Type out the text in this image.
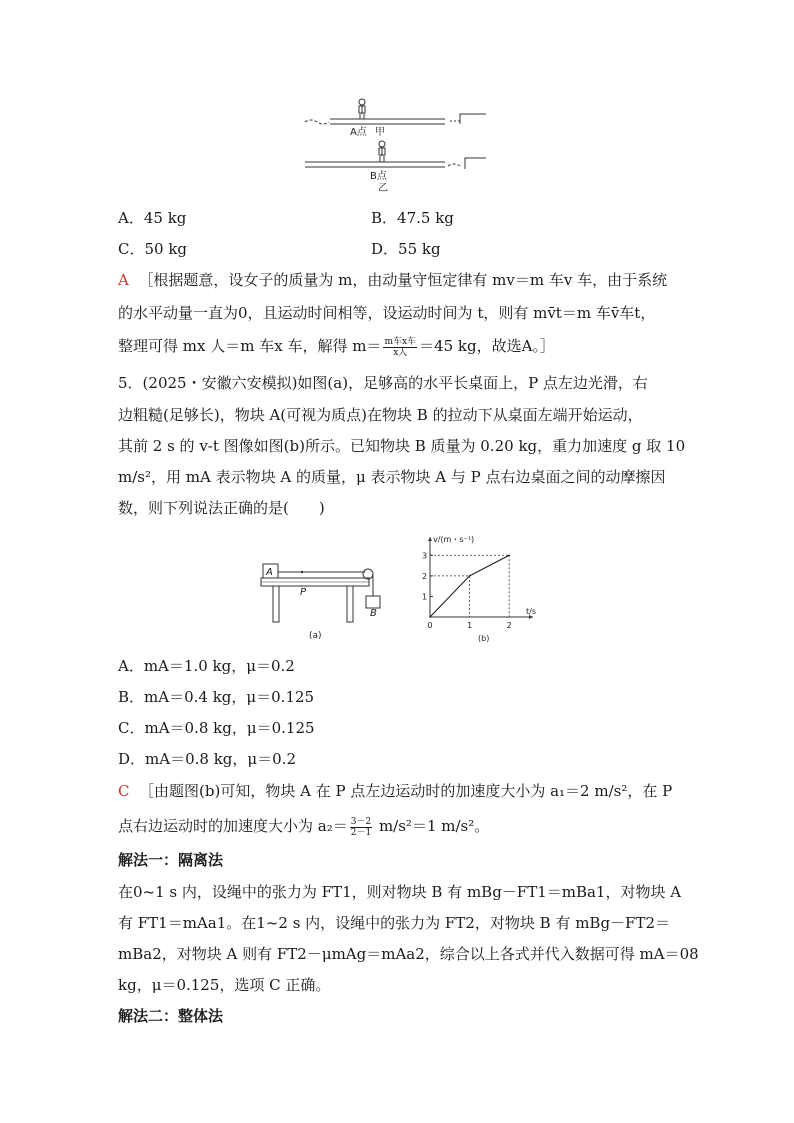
A点 甲
B点
乙
A．45 kg	B．47.5 kg
C．50 kg	D．55 kg
A ［根据题意，设女子的质量为 m，由动量守恒定律有 mv＝m 车v 车，由于系统
的水平动量一直为0，且运动时间相等，设运动时间为 t，则有 mv̄t＝m 车v̄车t，
整理可得 mx 人＝m 车x 车，解得 $m= \frac{\text{m车x车}}{\text{x人}} =45$ kg，故选A。］
5．(2025・安徽六安模拟)如图(a)，足够高的水平长桌面上，P 点左边光滑，右
边粗糙(足够长)，物块 A(可视为质点)在物块 B 的拉动下从桌面左端开始运动，
其前 2 s 的 v-t 图像如图(b)所示。已知物块 B 质量为 0.20 kg，重力加速度 g 取 10
m/s²，用 mA 表示物块 A 的质量，μ 表示物块 A 与 P 点右边桌面之间的动摩擦因
数，则下列说法正确的是(　　)
A
B
P
(a)
v/(m・s⁻¹)
t/s
0	1	2
1
2
3
(b)
A．mA＝1.0 kg，μ＝0.2
B．mA＝0.4 kg，μ＝0.125
C．mA＝0.8 kg，μ＝0.125
D．mA＝0.8 kg，μ＝0.2
C ［由题图(b)可知，物块 A 在 P 点左边运动时的加速度大小为 a₁＝2 m/s²，在 P
点右边运动时的加速度大小为 $a_2= \frac{3-2}{2-1} m/s^2=1$ m/s²。
解法一：隔离法
在0~1 s 内，设绳中的张力为 FT1，则对物块 B 有 mBg－FT1＝mBa1，对物块 A
有 FT1＝mAa1。在1~2 s 内，设绳中的张力为 FT2，对物块 B 有 mBg－FT2＝
mBa2，对物块 A 则有 FT2－μmAg＝mAa2，综合以上各式并代入数据可得 mA＝08
kg，μ＝0.125，选项 C 正确。
解法二：整体法
